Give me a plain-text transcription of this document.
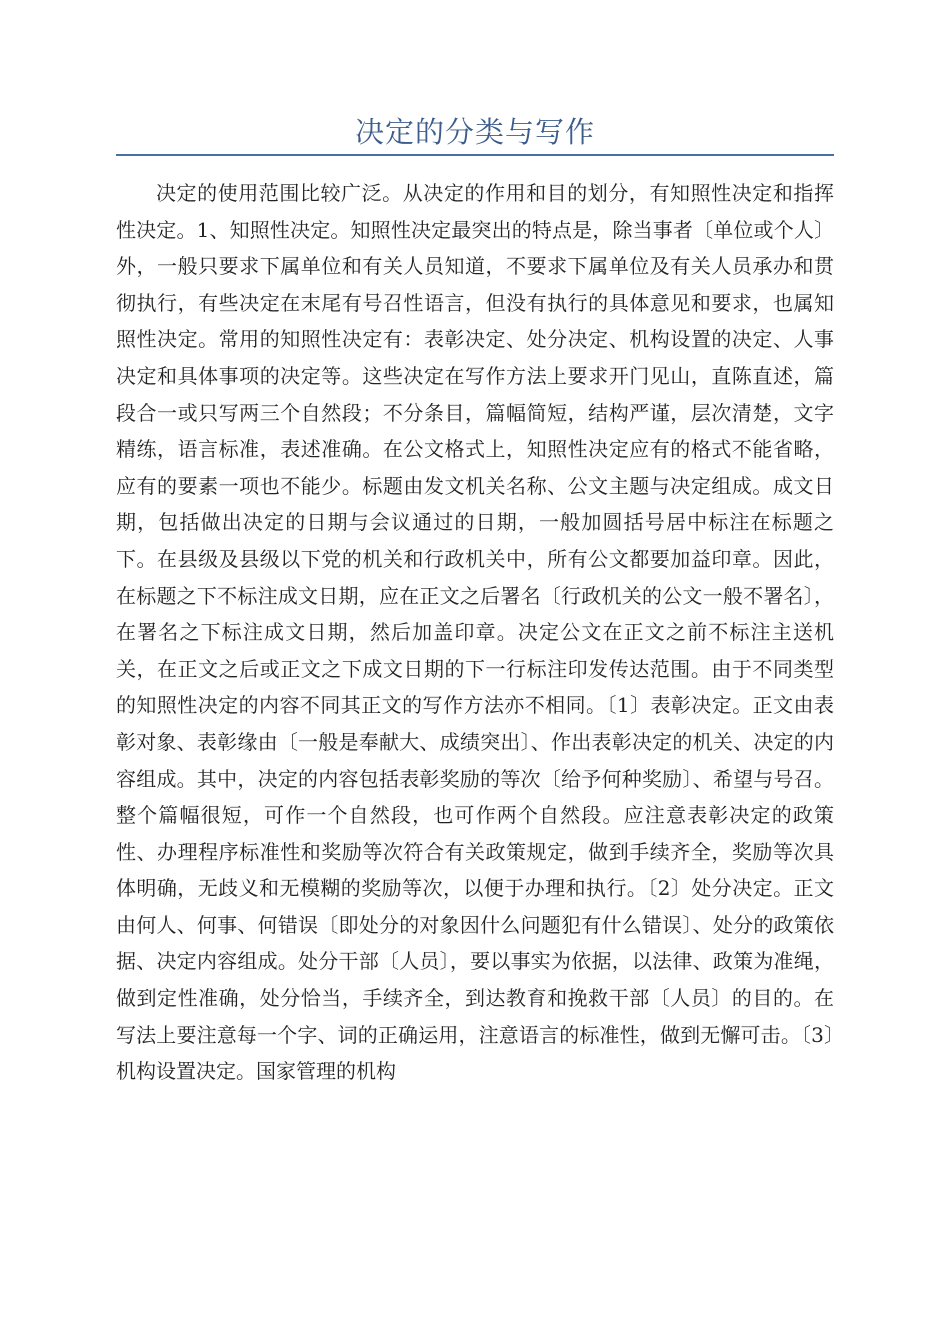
决定的分类与写作

决定的使用范围比较广泛。从决定的作用和目的划分，有知照性决定和指挥性决定。1、知照性决定。知照性决定最突出的特点是，除当事者〔单位或个人〕外，一般只要求下属单位和有关人员知道，不要求下属单位及有关人员承办和贯彻执行，有些决定在末尾有号召性语言，但没有执行的具体意见和要求，也属知照性决定。常用的知照性决定有：表彰决定、处分决定、机构设置的决定、人事决定和具体事项的决定等。这些决定在写作方法上要求开门见山，直陈直述，篇段合一或只写两三个自然段；不分条目，篇幅简短，结构严谨，层次清楚，文字精练，语言标准，表述准确。在公文格式上，知照性决定应有的格式不能省略，应有的要素一项也不能少。标题由发文机关名称、公文主题与决定组成。成文日期，包括做出决定的日期与会议通过的日期，一般加圆括号居中标注在标题之下。在县级及县级以下党的机关和行政机关中，所有公文都要加益印章。因此，在标题之下不标注成文日期，应在正文之后署名〔行政机关的公文一般不署名〕，在署名之下标注成文日期，然后加盖印章。决定公文在正文之前不标注主送机关，在正文之后或正文之下成文日期的下一行标注印发传达范围。由于不同类型的知照性决定的内容不同其正文的写作方法亦不相同。〔1〕表彰决定。正文由表彰对象、表彰缘由〔一般是奉献大、成绩突出〕、作出表彰决定的机关、决定的内容组成。其中，决定的内容包括表彰奖励的等次〔给予何种奖励〕、希望与号召。整个篇幅很短，可作一个自然段，也可作两个自然段。应注意表彰决定的政策性、办理程序标准性和奖励等次符合有关政策规定，做到手续齐全，奖励等次具体明确，无歧义和无模糊的奖励等次，以便于办理和执行。〔2〕处分决定。正文由何人、何事、何错误〔即处分的对象因什么问题犯有什么错误〕、处分的政策依据、决定内容组成。处分干部〔人员〕，要以事实为依据，以法律、政策为准绳，做到定性准确，处分恰当，手续齐全，到达教育和挽救干部〔人员〕的目的。在写法上要注意每一个字、词的正确运用，注意语言的标准性，做到无懈可击。〔3〕机构设置决定。国家管理的机构
